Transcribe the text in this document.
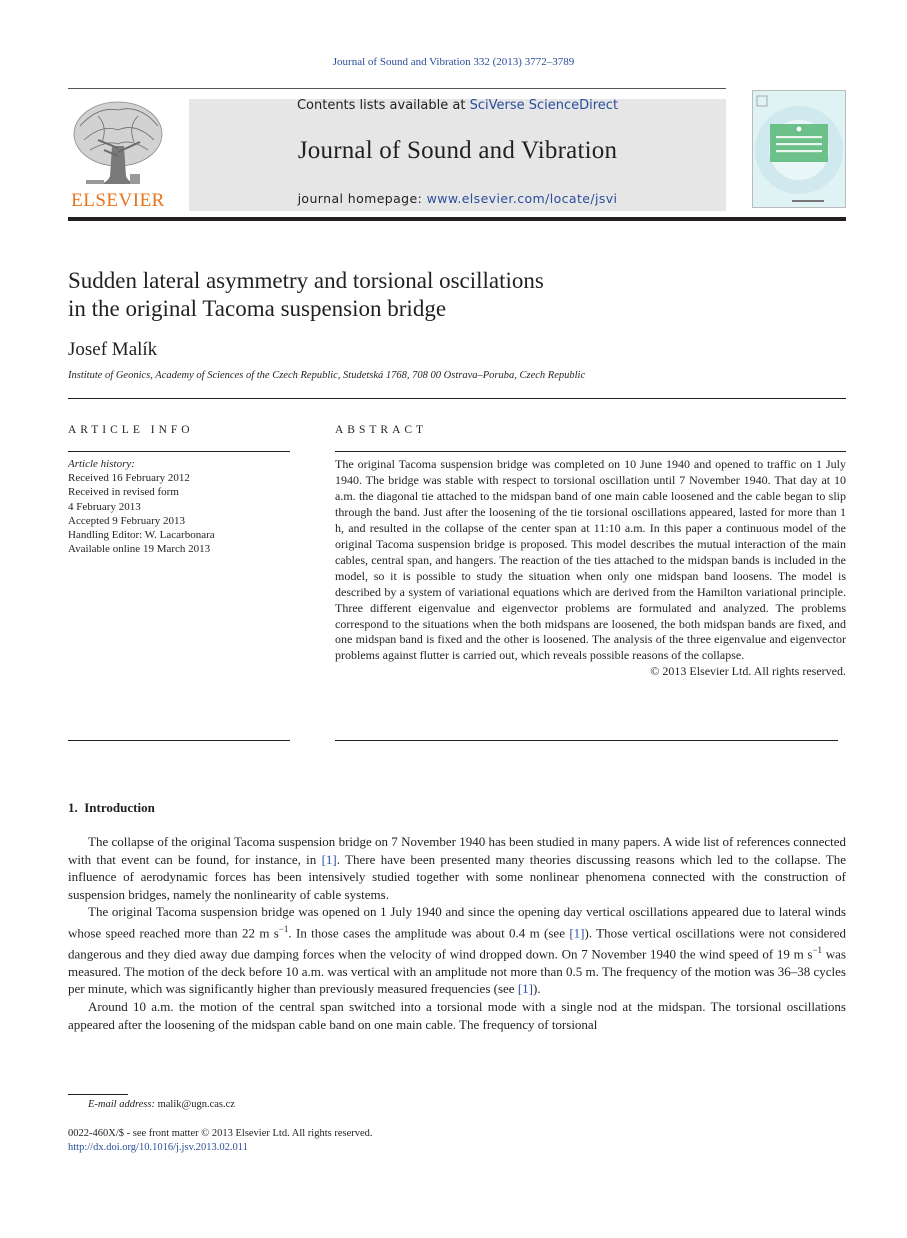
Journal of Sound and Vibration 332 (2013) 3772–3789
Contents lists available at SciVerse ScienceDirect
Journal of Sound and Vibration
journal homepage: www.elsevier.com/locate/jsvi
ELSEVIER
Sudden lateral asymmetry and torsional oscillations
in the original Tacoma suspension bridge
Josef Malík
Institute of Geonics, Academy of Sciences of the Czech Republic, Studetská 1768, 708 00 Ostrava–Poruba, Czech Republic
ARTICLE INFO	ABSTRACT
Article history:
Received 16 February 2012
Received in revised form
4 February 2013
Accepted 9 February 2013
Handling Editor: W. Lacarbonara
Available online 19 March 2013

The original Tacoma suspension bridge was completed on 10 June 1940 and opened to traffic on 1 July 1940. The bridge was stable with respect to torsional oscillation until 7 November 1940. That day at 10 a.m. the diagonal tie attached to the midspan band of one main cable loosened and the cable began to slip through the band. Just after the loosening of the tie torsional oscillations appeared, lasted for more than 1 h, and resulted in the collapse of the center span at 11:10 a.m. In this paper a continuous model of the original Tacoma suspension bridge is proposed. This model describes the mutual interaction of the main cables, central span, and hangers. The reaction of the ties attached to the midspan bands is included in the model, so it is possible to study the situation when only one midspan band loosens. The model is described by a system of variational equations which are derived from the Hamilton variational principle. Three different eigenvalue and eigenvector problems are formulated and analyzed. The problems correspond to the situations when the both midspans are loosened, the both midspan bands are fixed, and one midspan band is fixed and the other is loosened. The analysis of the three eigenvalue and eigenvector problems against flutter is carried out, which reveals possible reasons of the collapse.

© 2013 Elsevier Ltd. All rights reserved.
1.  Introduction

The collapse of the original Tacoma suspension bridge on 7 November 1940 has been studied in many papers. A wide list of references connected with that event can be found, for instance, in [1]. There have been presented many theories discussing reasons which led to the collapse. The influence of aerodynamic forces has been intensively studied together with some nonlinear phenomena connected with the construction of suspension bridges, namely the nonlinearity of cable systems.

The original Tacoma suspension bridge was opened on 1 July 1940 and since the opening day vertical oscillations appeared due to lateral winds whose speed reached more than 22 m $s^{-1}$. In those cases the amplitude was about 0.4 m (see [1]). Those vertical oscillations were not considered dangerous and they died away due damping forces when the velocity of wind dropped down. On 7 November 1940 the wind speed of 19 m $s^{-1}$ was measured. The motion of the deck before 10 a.m. was vertical with an amplitude not more than 0.5 m. The frequency of the motion was 36–38 cycles per minute, which was significantly higher than previously measured frequencies (see [1]).

Around 10 a.m. the motion of the central span switched into a torsional mode with a single nod at the midspan. The torsional oscillations appeared after the loosening of the midspan cable band on one main cable. The frequency of torsional

E-mail address: malik@ugn.cas.cz
0022-460X/$ - see front matter © 2013 Elsevier Ltd. All rights reserved.
http://dx.doi.org/10.1016/j.jsv.2013.02.011
